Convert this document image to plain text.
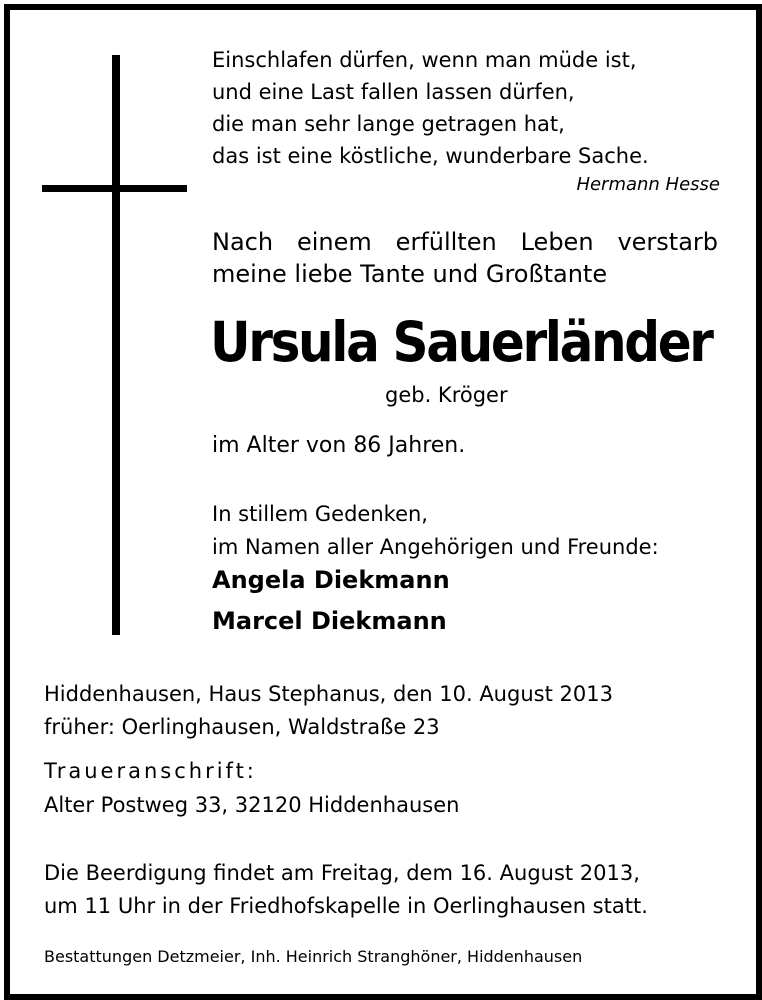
Einschlafen dürfen, wenn man müde ist,
und eine Last fallen lassen dürfen,
die man sehr lange getragen hat,
das ist eine köstliche, wunderbare Sache.
Hermann Hesse
Nach einem erfüllten Leben verstarb
meine liebe Tante und Großtante
Ursula Sauerländer
geb. Kröger
im Alter von 86 Jahren.
In stillem Gedenken,
im Namen aller Angehörigen und Freunde:
Angela Diekmann
Marcel Diekmann
Hiddenhausen, Haus Stephanus, den 10. August 2013
früher: Oerlinghausen, Waldstraße 23
Traueranschrift:
Alter Postweg 33, 32120 Hiddenhausen
Die Beerdigung findet am Freitag, dem 16. August 2013,
um 11 Uhr in der Friedhofskapelle in Oerlinghausen statt.
Bestattungen Detzmeier, Inh. Heinrich Stranghöner, Hiddenhausen
